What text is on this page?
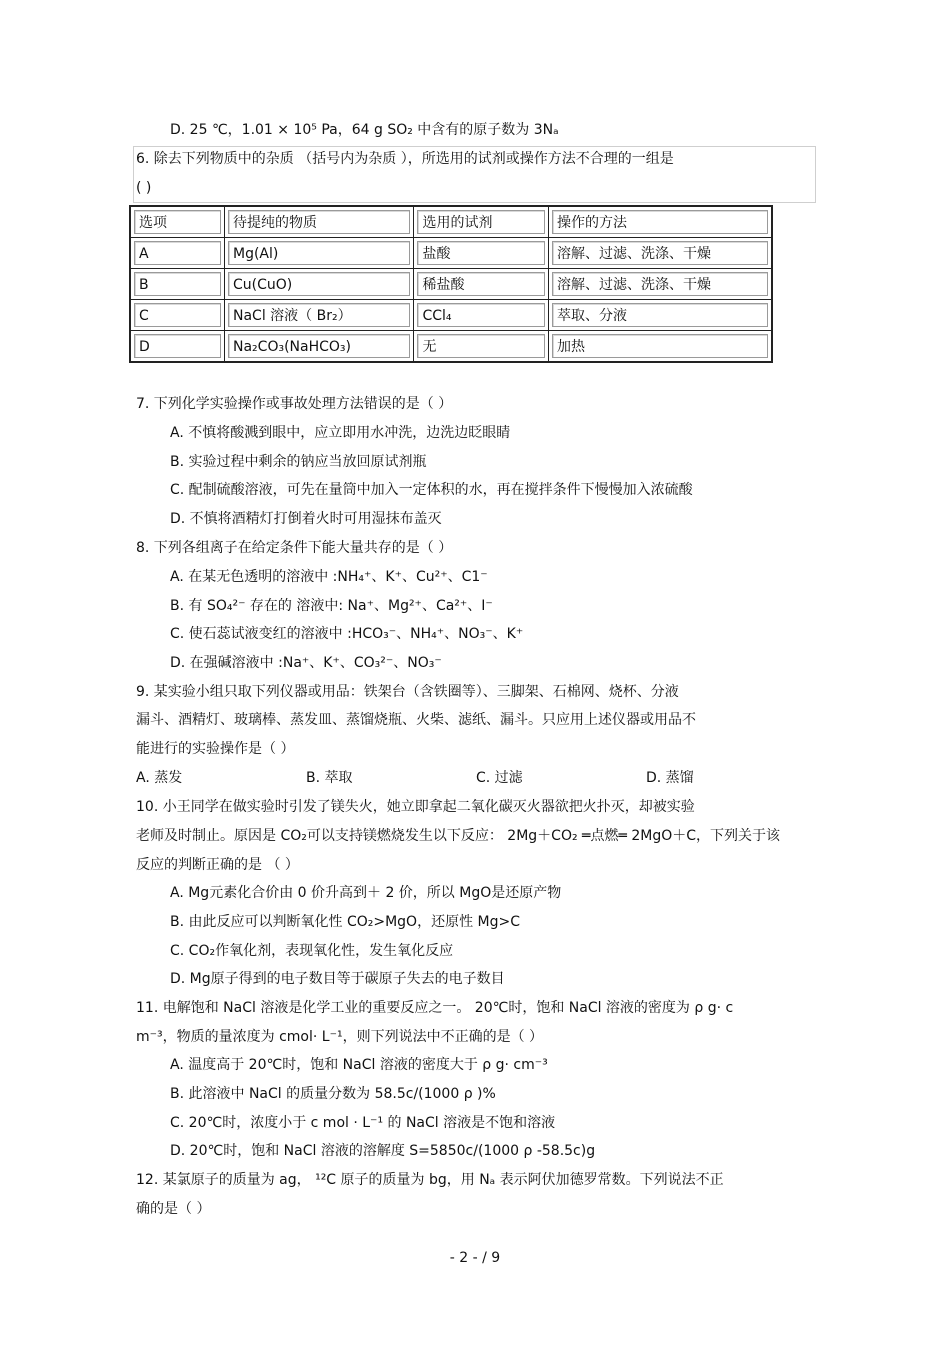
D. 25 ℃，1.01 × 10⁵ Pa，64 g SO₂ 中含有的原子数为 3Nₐ
6. 除去下列物质中的杂质 （括号内为杂质 ），所选用的试剂或操作方法不合理的一组是
( )
选项	待提纯的物质	选用的试剂	操作的方法

A	Mg(Al)	盐酸	溶解、过滤、洗涤、干燥

B	Cu(CuO)	稀盐酸	溶解、过滤、洗涤、干燥

C	NaCl 溶液（ Br₂）	CCl₄	萃取、分液

D	Na₂CO₃(NaHCO₃)	无	加热
7. 下列化学实验操作或事故处理方法错误的是（ ）
A. 不慎将酸溅到眼中，应立即用水冲洗，边洗边眨眼睛
B. 实验过程中剩余的钠应当放回原试剂瓶
C. 配制硫酸溶液，可先在量筒中加入一定体积的水，再在搅拌条件下慢慢加入浓硫酸
D. 不慎将酒精灯打倒着火时可用湿抹布盖灭
8. 下列各组离子在给定条件下能大量共存的是（ ）
A. 在某无色透明的溶液中 :NH₄⁺、K⁺、Cu²⁺、C1⁻
B. 有 SO₄²⁻ 存在的 溶液中: Na⁺、Mg²⁺、Ca²⁺、I⁻
C. 使石蕊试液变红的溶液中 :HCO₃⁻、NH₄⁺、NO₃⁻、K⁺
D. 在强碱溶液中 :Na⁺、K⁺、CO₃²⁻、NO₃⁻
9. 某实验小组只取下列仪器或用品：铁架台（含铁圈等）、三脚架、石棉网、烧杯、分液
漏斗、酒精灯、玻璃棒、蒸发皿、蒸馏烧瓶、火柴、滤纸、漏斗。只应用上述仪器或用品不
能进行的实验操作是（ ）
A. 蒸发	B. 萃取	C. 过滤	D. 蒸馏
10. 小王同学在做实验时引发了镁失火，她立即拿起二氧化碳灭火器欲把火扑灭，却被实验
老师及时制止。原因是 CO₂可以支持镁燃烧发生以下反应： 2Mg＋CO₂ ═点燃═ 2MgO＋C，下列关于该
反应的判断正确的是 （ ）
A. Mg元素化合价由 0 价升高到＋ 2 价，所以 MgO是还原产物
B. 由此反应可以判断氧化性 CO₂>MgO，还原性 Mg>C
C. CO₂作氧化剂，表现氧化性，发生氧化反应
D. Mg原子得到的电子数目等于碳原子失去的电子数目
11. 电解饱和 NaCl 溶液是化学工业的重要反应之一。 20℃时，饱和 NaCl 溶液的密度为 ρ g· c
m⁻³，物质的量浓度为 cmol· L⁻¹，则下列说法中不正确的是（ ）
A. 温度高于 20℃时，饱和 NaCl 溶液的密度大于 ρ g· cm⁻³
B. 此溶液中 NaCl 的质量分数为 58.5c/(1000 ρ )%
C. 20℃时，浓度小于 c mol · L⁻¹ 的 NaCl 溶液是不饱和溶液
D. 20℃时，饱和 NaCl 溶液的溶解度 S=5850c/(1000 ρ -58.5c)g
12. 某氯原子的质量为 ag， ¹²C 原子的质量为 bg，用 Nₐ 表示阿伏加德罗常数。下列说法不正
确的是（ ）
- 2 - / 9
